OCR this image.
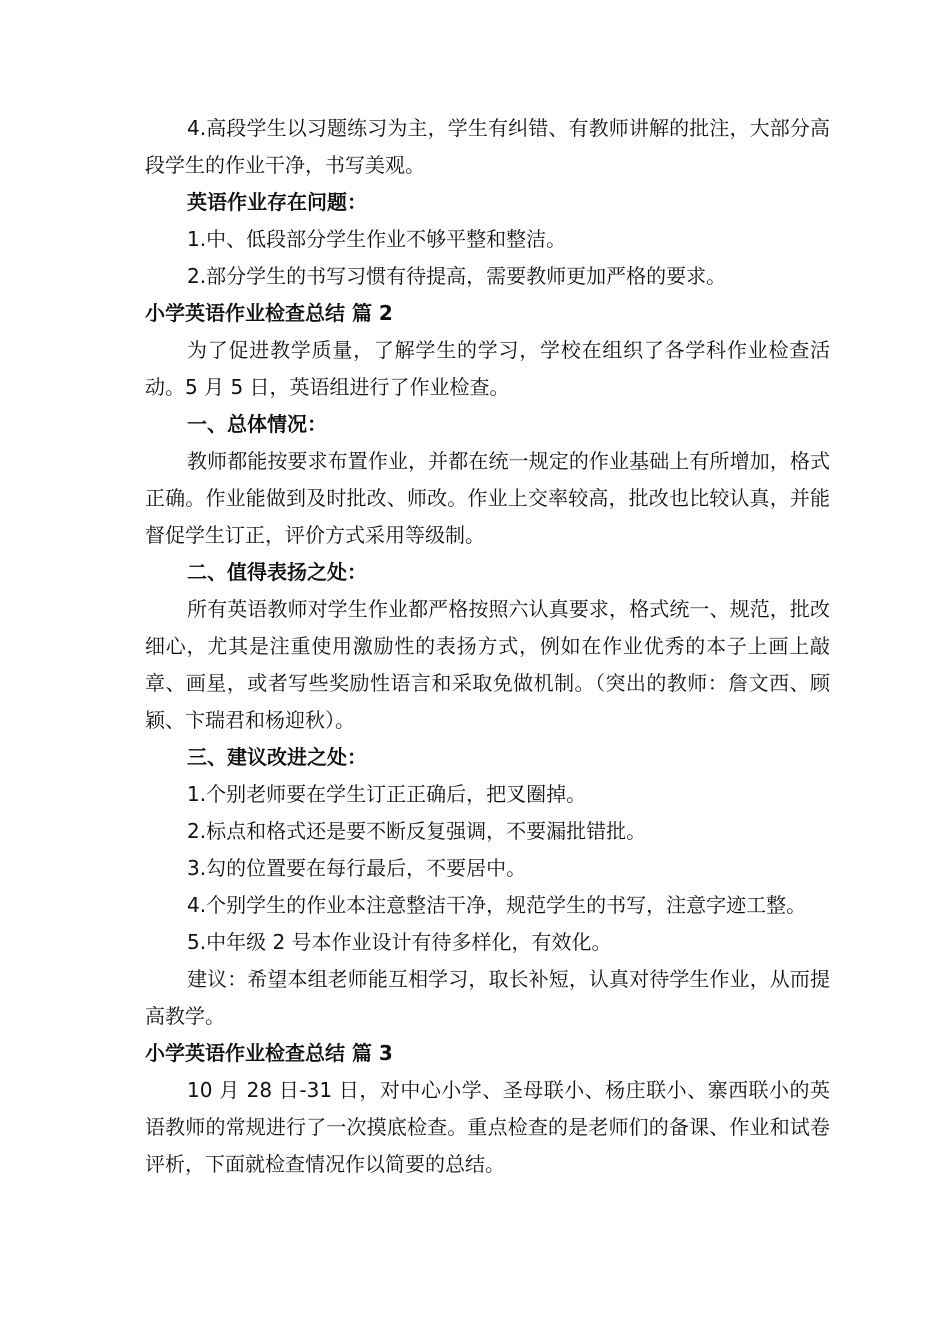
4.高段学生以习题练习为主，学生有纠错、有教师讲解的批注，大部分高段学生的作业干净，书写美观。

英语作业存在问题：

1.中、低段部分学生作业不够平整和整洁。

2.部分学生的书写习惯有待提高，需要教师更加严格的要求。

小学英语作业检查总结 篇 2

为了促进教学质量，了解学生的学习，学校在组织了各学科作业检查活动。5 月 5 日，英语组进行了作业检查。

一、总体情况：

教师都能按要求布置作业，并都在统一规定的作业基础上有所增加，格式正确。作业能做到及时批改、师改。作业上交率较高，批改也比较认真，并能督促学生订正，评价方式采用等级制。

二、值得表扬之处：

所有英语教师对学生作业都严格按照六认真要求，格式统一、规范，批改细心，尤其是注重使用激励性的表扬方式，例如在作业优秀的本子上画上敲章、画星，或者写些奖励性语言和采取免做机制。（突出的教师：詹文西、顾颖、卞瑞君和杨迎秋）。

三、建议改进之处：

1.个别老师要在学生订正正确后，把叉圈掉。

2.标点和格式还是要不断反复强调，不要漏批错批。

3.勾的位置要在每行最后，不要居中。

4.个别学生的作业本注意整洁干净，规范学生的书写，注意字迹工整。

5.中年级 2 号本作业设计有待多样化，有效化。

建议：希望本组老师能互相学习，取长补短，认真对待学生作业，从而提高教学。

小学英语作业检查总结 篇 3

10 月 28 日-31 日，对中心小学、圣母联小、杨庄联小、寨西联小的英语教师的常规进行了一次摸底检查。重点检查的是老师们的备课、作业和试卷评析，下面就检查情况作以简要的总结。
